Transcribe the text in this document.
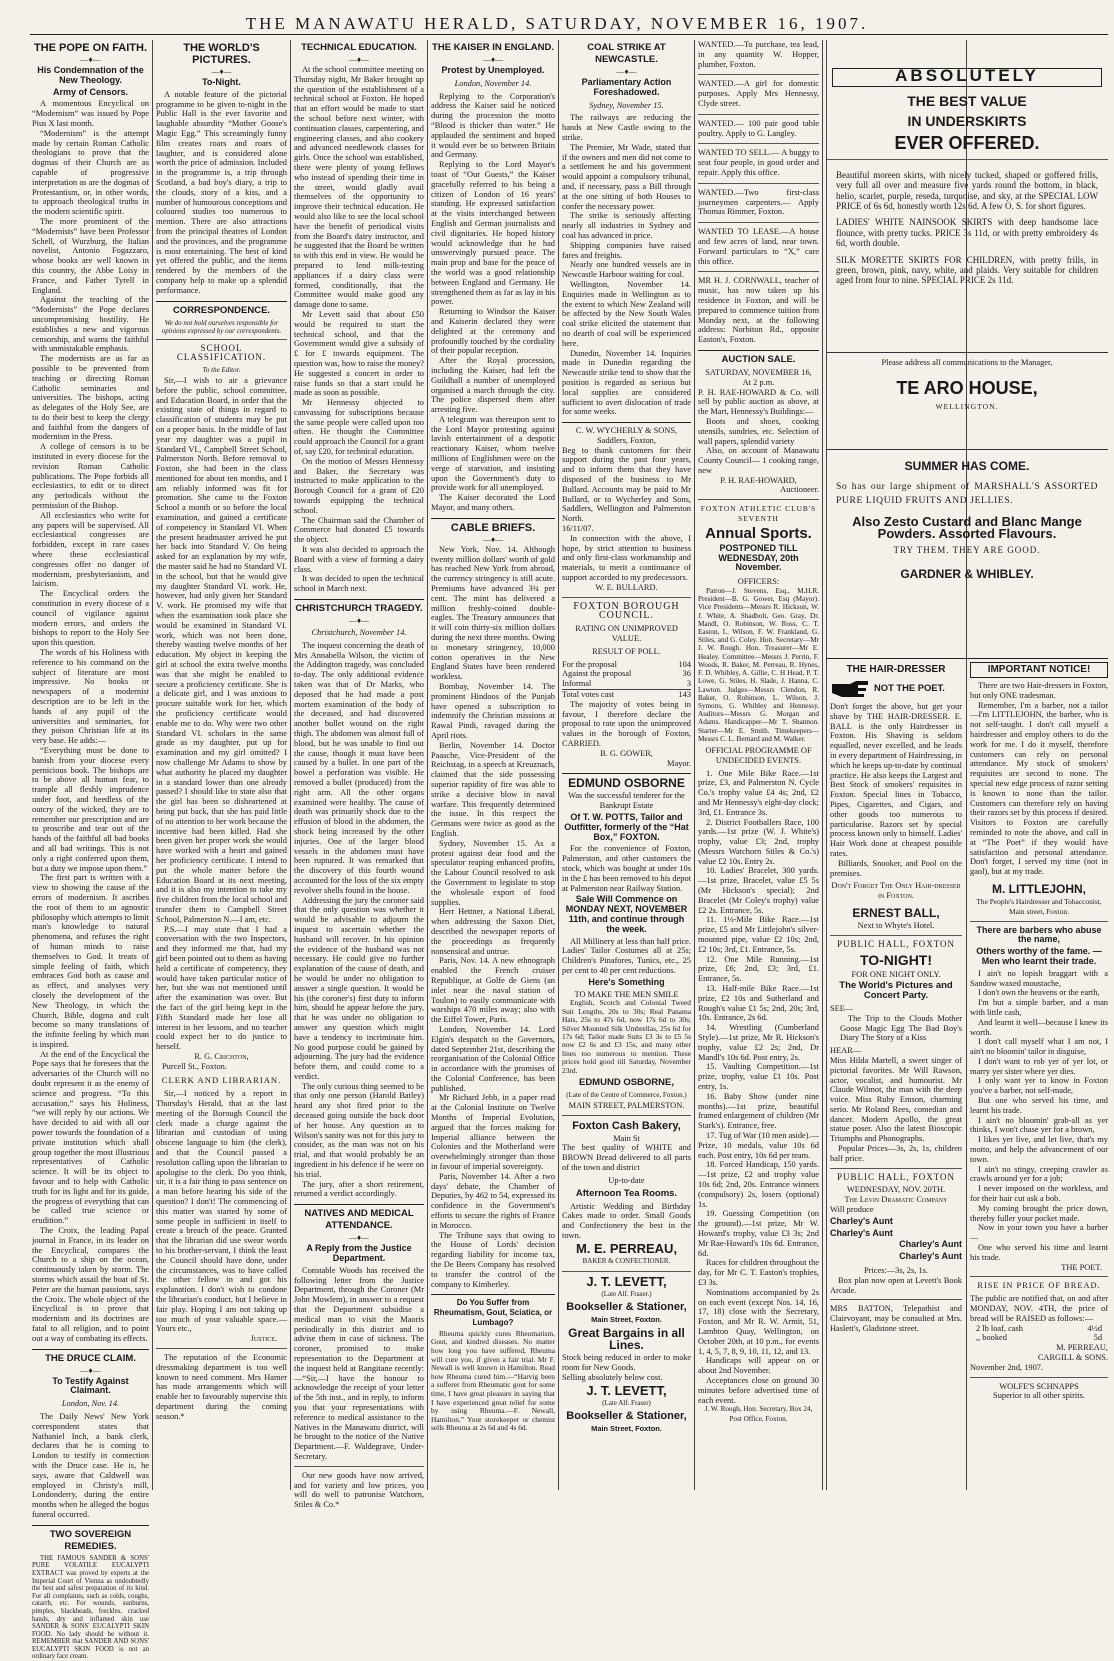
THE MANAWATU HERALD, SATURDAY, NOVEMBER 16, 1907.
THE POPE ON FAITH.
—♦—
His Condemnation of the New Theology.
Army of Censors.

A momentous Encyclical on “Modernism” was issued by Pope Pius X last month.

“Modernism” is the attempt made by certain Roman Catholic theologians to prove that the dogmas of their Church are as capable of progressive interpretation as are the dogmas of Protestantism, or, in other words, to approach theological truths in the modern scientific spirit.

The more prominent of the “Modernists” have been Professor Schell, of Wurzburg, the Italian novelist, Antonio Fogazzaro, whose books are well known in this country, the Abbe Loisy in France, and Father Tyrell in England.

Against the teaching of the “Modernists” the Pope declares uncompromising hostility. He establishes a new and vigorous censorship, and warns the faithful with unmistakable emphasis.

The modernists are as far as possible to be prevented from teaching or directing Roman Catholic seminaries and universities. The bishops, acting as delegates of the Holy See, are to do their best to keep the clergy and faithful from the dangers of modernism in the Press.

A college of censors is to be instituted in every diocese for the revision Roman Catholic publications. The Pope forbids all ecclesiastics, to edit or to direct any periodicals without the permission of the Bishop.

All ecclesiastics who write for any papers will be supervised. All ecclesiastical congresses are forbidden, except in rare cases where these ecclesiastical congresses offer no danger of modernism, presbyterianism, and laicism.

The Encyclical orders the constitution in every diocese of a council of vigilance against modern errors, and orders the bishops to report to the Holy See upon this question.

The words of his Holiness with reference to his command on the subject of literature are most impressive. No books or newspapers of a modernist description are to be left in the hands of any pupil of the universities and seminaries, for they poison Christian life at its very base. He adds:—

“Everything must be done to banish from your diocese every pernicious book. The bishops are to be above all human fear, to trample all fleshly imprudence under foot, and heedless of the outcry of the wicked, they are to remember our prescription and are to proscribe and tear out of the hands of the faithful all bad books and all bad writings. This is not only a right conferred upon them, but a duty we impose upon them.”

The first part is written with a view to showing the cause of the errors of modernism. It ascribes the root of them to an agnostic philosophy which attempts to limit man's knowledge to natural phenomena, and refuses the right of human minds to raise themselves to God. It treats of simple feeling of faith, which embraces God both as cause and as effect, and analyses very closely the development of the New Theology, in which the Church, Bible, dogma and cult become so many translations of the infinite feeling by which man is inspired.

At the end of the Encyclical the Pope says that he foresees that the adversaries of the Church will no doubt represent it as the enemy of science and progress. “To this accusation,” says his Holiness, “we will reply by our actions. We have decided to aid with all our power towards the foundation of a private institution which shall group together the most illustrious representatives of Catholic science. It will be its object to favour and to help with Catholic truth for its light and for its guide, the progress of everything that can be called true science or erudition.”

The Croix, the leading Papal journal in France, in its leader on the Encyclical, compares the Church to a ship on the ocean, continuously taken by storm. The storms which assail the boat of St. Peter are the human passions, says the Croix. The whole object of the Encyclical is to prove that modernism and its doctrines are fatal to all religion, and to point out a way of combating its effects.

THE DRUCE CLAIM.
—♦—
To Testify Against Claimant.
London, Nov. 14.

The Daily News' New York correspondent states that Nathaniel Inch, a bank clerk, declares that he is coming to London to testify in connection with the Druce case. He is, he says, aware that Caldwell was employed in Christy's mill, Londonderry, during the entire months when he alleged the bogus funeral occurred.

TWO SOVEREIGN REMEDIES.

THE FAMOUS SANDER & SONS' PURE VOLATILE EUCALYPTI EXTRACT was proved by experts at the Imperial Court of Vienna as undoubtedly the best and safest preparation of its kind. For all complaints, such as colds, coughs, catarrh, etc. For wounds, sunburns, pimples, blackheads, freckles, cracked hands, dry and inflamed skin use SANDER & SONS' EUCALYPTI SKIN FOOD. No lady should be without it. REMEMBER that SANDER AND SONS' EUCALYPTI SKIN FOOD is not an ordinary face cream.

THE WORLD'S PICTURES.
—♦—
To-Night.

A notable feature of the pictorial programme to be given to-night in the Public Hall is the ever favorite and laughable absurdity “Mother Goose's Magic Egg.” This screamingly funny film creates roars and roars of laughter, and is considered alone worth the price of admission. Included in the programme is, a trip through Scotland, a bad boy's diary, a trip to the clouds, story of a kiss, and a number of humourous conceptions and coloured studies too numerous to mention. There are also attractions from the principal theatres of London and the provinces, and the programme is most entertaining. The best of kind yet offered the public, and the items rendered by the members of the company help to make up a splendid performance.

CORRESPONDENCE.
We do not hold ourselves responsible for opinions expressed by our correspondents.
SCHOOL CLASSIFICATION.
To the Editor.

Sir,—I wish to air a grievance before the public, school committee, and Education Board, in order that the existing state of things in regard to classification of students may be put on a proper basis. In the middle of last year my daughter was a pupil in Standard VI., Campbell Street School, Palmerston North. Before removal to Foxton, she had been in the class mentioned for about ten months, and I am reliably informed was fit for promotion. She came to the Foxton School a month or so before the local examination, and gained a certificate of competency in Standard VI. When the present headmaster arrived he put her back into Standard V. On being asked for an explanation by my wife, the master said he had no Standard VI. in the school, but that he would give my daughter Standard VI. work. He, however, had only given her Standard V. work. He promised my wife that when the examination took place she would be examined in Standard VI. work, which was not been done, thereby wasting twelve months of her education. My object in keeping the girl at school the extra twelve months was that she might be enabled to secure a proficiency certificate. She is a delicate girl, and I was anxious to procure suitable work for her, which the proficiency certificate would enable me to do. Why were two other Standard VI. scholars in the same grade as my daughter, put up for examination and my girl omitted? I now challenge Mr Adams to show by what authority he placed my daughter in a standard lower than one already passed? I should like to state also that the girl has been so disheartened at being put back, that she has paid little of no attention to her work because the incentive had been killed. Had she been given her proper work she would have worked with a heart and gained her proficiency certificate. I intend to put the whole matter before the Education Board at its next meeting, and it is also my intention to take my five children from the local school and transfer them to Campbell Street School, Palmerston N.—I am, etc.

P.S.—I may state that I had a conversation with the two Inspectors, and they informed me that, had my girl been pointed out to them as having held a certificate of competency, they would have taken particular notice of her, but she was not mentioned until after the examination was over. But the fact of the girl being kept in the Fifth Standard made her lose all interest in her lessons, and no teacher could expect her to do justice to herself.

R. G. Crichton,
Purcell St., Foxton.
CLERK AND LIBRARIAN.

Sir,—I noticed by a report in Thursday's Herald, that at the last meeting of the Borough Council the clerk made a charge against the librarian and custodian of using obscene language to him (the clerk), and that the Council passed a resolution calling upon the librarian to apologise to the clerk. Do you think, sir, it is a fair thing to pass sentence on a man before hearing his side of the question? I don't! The commencing of this matter was started by some of some people in sufficient in itself to create a breach of the peace. Granted that the librarian did use swear words to his brother-servant, I think the least the Council should have done, under the circumstances, was to have called the other fellow in and got his explanation. I don't wish to condone the librarian's conduct, but I believe in fair play. Hoping I am not taking up too much of your valuable space.—Yours etc.,

Justice.

The reputation of the Economic dressmaking department is too well known to need comment. Mrs Hamer has made arrangements which will enable her to favourably supervise this department during the coming season.*

TECHNICAL EDUCATION.
—♦—

At the school committee meeting on Thursday night, Mr Baker brought up the question of the establishment of a technical school at Foxton. He hoped that an effort would be made to start the school before next winter, with continuation classes, carpentering, and engineering classes, and also cookery and advanced needlework classes for girls. Once the school was established, there were plenty of young fellows who instead of spending their time in the street, would gladly avail themselves of the opportunity to improve their technical education. He would also like to see the local school have the benefit of periodical visits from the Board's dairy instructor, and he suggested that the Board be written to with this end in view. He would be prepared to lend milk-testing appliances if a dairy class were formed, conditionally, that the Committee would make good any damage done to same.

Mr Levett said that about £50 would be required to start the technical school, and that the Government would give a subsidy of £ for £ towards equipment. The question was, how to raise the money? He suggested a concert in order to raise funds so that a start could be made as soon as possible.

Mr Hennessy objected to canvassing for subscriptions because the same people were called upon too often. He thought the Committee could approach the Council for a grant of, say £20, for technical education.

On the motion of Messrs Hennessy and Baker, the Secretary was instructed to make application to the Borough Council for a grant of £20 towards equipping the technical school.

The Chairman said the Chamber of Commerce had donated £5 towards the object.

It was also decided to approach the Board with a view of forming a dairy class.

It was decided to open the technical school in March next.

CHRISTCHURCH TRAGEDY.
—♦—
Christchurch, November 14.

The inquest concerning the death of Mrs Annabella Wilson, the victim of the Addington tragedy, was concluded to-day. The only additional evidence taken was that of Dr Marks, who deposed that he had made a post mortem examination of the body of the deceased, and had discovered another bullet wound on the right thigh. The abdomen was almost full of blood, but he was unable to find out the cause, though it must have been caused by a bullet. In one part of the bowel a perforation was visible. He removed a bullet (produced) from the right arm. All the other organs examined were healthy. The cause of death was primarily shock due to the effusion of blood in the abdomen, the shock being increased by the other injuries. One of the larger blood vessels in the abdomen must have been ruptured. It was remarked that the discovery of this fourth wound accounted for the loss of the six empty revolver shells found in the house.

Addressing the jury the coroner said that the only question was whether it would be advisable to adjourn the inquest to ascertain whether the husband will recover. In his opinion the evidence of the husband was not necessary. He could give no further explanation of the cause of death, and he would be under no obligation to answer a single question. It would be his (the coroner's) first duty to inform him, should he appear before the jury, that he was under no obligation to answer any question which might have a tendency to incriminate him. No good purpose could be gained by adjourning. The jury had the evidence before them, and could come to a verdict.

The only curious thing seemed to be that only one person (Harold Batley) heard any shot fired prior to the deceased going outside the back door of her house. Any question as to Wilson's sanity was not for this jury to consider, as the man was not on his trial, and that would probably be an ingredient in his defence if he were on his trial.

The jury, after a short retirement, returned a verdict accordingly.

NATIVES AND MEDICAL ATTENDANCE.
—♦—
A Reply from the Justice Department.

Constable Woods has received the following letter from the Justice Department, through the Coroner (Mr John Mowlem), in answer to a request that the Department subsidise a medical man to visit the Maoris periodically in this district and to advise them in case of sickness. The coroner, promised to make representation to the Department at the inquest held at Rangitane recently:—“Sir,—I have the honour to acknowledge the receipt of your letter of the 5th inst., and in reply, to inform you that your representations with reference to medical assistance to the Natives in the Manawatu district, will be brought to the notice of the Native Department.—F. Waldegrave, Under-Secretary.

Our new goods have now arrived, and for variety and low prices, you will do well to patronise Watchorn, Stiles & Co.*

THE KAISER IN ENGLAND.
—♦—
Protest by Unemployed.
London, November 14.

Replying to the Corporation's address the Kaiser said he noticed during the procession the motto “Blood is thicker than water.” He applauded the sentiment and hoped it would ever be so between Britain and Germany.

Replying to the Lord Mayor's toast of “Our Guests,” the Kaiser gracefully referred to his being a citizen of London of 16 years' standing. He expressed satisfaction at the visits interchanged between English and German journalists and civil dignitaries. He hoped history would acknowledge that he had unswervingly pursued peace. The main prop and base for the peace of the world was a good relationship between England and Germany. He strengthened them as far as lay in his power.

Returning to Windsor the Kaiser and Kaiserin declared they were delighted at the ceremony and profoundly touched by the cordiality of their popular reception.

After the Royal procession, including the Kaiser, had left the Guildhall a number of unemployed organised a march through the city. The police dispersed them after arresting five.

A telegram was thereupon sent to the Lord Mayor protesting against lavish entertainment of a despotic reactionary Kaiser, whom twelve millions of Englishmen were on the verge of starvation, and insisting upon the Government's duty to provide work for all unemployed.

The Kaiser decorated the Lord Mayor, and many others.

CABLE BRIEFS.
—♦—

New York, Nov. 14. Although twenty million dollars' worth of gold has reached New York from abroad, the currency stringency is still acute. Premiums have advanced 3¾ per cent. The mint has delivered a million freshly-coined double-eagles. The Treasury announces that it will coin thirty-six million dollars during the next three months. Owing to monetary stringency, 10,000 cotton operatives in the New England States have been rendered workless.

Bombay, November 14. The prominent Hindoos of the Punjab have opened a subscription to indemnify the Christian missions at Rawal Pindi, ravaged during the April riots.

Berlin, November 14. Doctor Paasche, Vice-President of the Reichstag, in a speech at Kreuznach, claimed that the side possessing superior rapidity of fire was able to strike a decisive blow in naval warfare. This frequently determined the issue. In this respect the Germans were twice as good as the English.

Sydney, November 15. As a protest against dear food and the speculator reaping enhanced profits, the Labour Council resolved to ask the Government to legislate to stop the wholesale export of food supplies.

Herr Hettner, a National Liberal, when addressing the Saxon Diet, described the newspaper reports of the proceedings as frequently nonsensical and untrue.

Paris, Nov. 14. A new ethnograph enabled the French cruiser Republique, at Golfe de Giens (an inlet near the naval station of Toulon) to easily communicate with warships 470 miles away; also with the Eiffel Tower, Paris.

London, November 14. Lord Elgin's despatch to the Governors, dated September 21st, describing the reorganisation of the Colonial Office in accordance with the promises of the Colonial Conference, has been published.

Mr Richard Jebb, in a paper read at the Colonial Institute on Twelve Months of Imperial Evolution, argued that the forces making for Imperial alliance between the Colonies and the Motherland were overwhelmingly stronger than those in favour of imperial sovereignty.

Paris, November 14. After a two days' debate, the Chamber of Deputies, by 462 to 54, expressed its confidence in the Government's efforts to secure the rights of France in Morocco.

The Tribune says that owing to the House of Lords' decision regarding liability for income tax, the De Beers Company has resolved to transfer the control of the company to Kimberley.

Do You Suffer from Rheumatism, Gout, Sciatica, or Lumbago?

Rheuma quickly cures Rheumatism, Gout, and kindred diseases. No matter how long you have suffered, Rheuma will cure you, if given a fair trial. Mr F. Newall is well known in Hamilton. Read how Rheuma cured him.—“Harvig been a sufferer from Rheumatic gout for some time, I have great pleasure in saying that I have experienced great relief for some by using Rheuma.—F. Newall, Hamilton.” Your storekeeper or chemist sells Rheuma at 2s 6d and 4s 6d.

COAL STRIKE AT NEWCASTLE.
—♦—
Parliamentary Action Foreshadowed.
Sydney, November 15.

The railways are reducing the hands at New Castle owing to the strike.

The Premier, Mr Wade, stated that if the owners and men did not come to a settlement he and his government would appoint a compulsory tribunal, and, if necessary, pass a Bill through at the one sitting of both Houses to confer the necessary power.

The strike is seriously affecting nearly all industries in Sydney and coal has advanced in price.

Shipping companies have raised fares and freights.

Nearly one hundred vessels are in Newcastle Harbour waiting for coal.

Wellington, November 14. Enquiries made in Wellington as to the extent to which New Zealand will be affected by the New South Wales coal strike elicited the statement that no dearth of coal will be experienced here.

Dunedin, November 14. Inquiries made in Dunedin regarding the Newcastle strike tend to show that the position is regarded as serious but local supplies are considered sufficient to avert dislocation of trade for some weeks.

C. W. WYCHERLY & SONS,
Saddlers, Foxton,

Beg to thank customers for their support during the past four years, and to inform them that they have disposed of the business to Mr Bullard. Accounts may be paid to Mr Bullard, or to Wycherley and Sons, Saddlers, Wellington and Palmerston North.

16/11/07.

In connection with the above, I hope, by strict attention to business and only first-class workmanship and materials, to merit a continuance of support accorded to my predecessors.

W. E. BULLARD.
FOXTON BOROUGH COUNCIL.
RATING ON UNIMPROVED VALUE.
RESULT OF POLL.
For the proposal	104
Against the proposal	36
Informal	3
Total votes cast	143

The majority of votes being in favour, I therefore declare the proposal to rate upon the unimproved values in the borough of Foxton, CARRIED.

B. G. GOWER,
Mayor.
EDMUND OSBORNE
Was the successful tenderer for the Bankrupt Estate
Of T. W. POTTS, Tailor and Outfitter, formerly of the “Hat Box,” FOXTON.

For the convenience of Foxton, Palmerston, and other customers the stock, which was bought at under 10s in the £ has been removed to his depot at Palmerston near Railway Station.

Sale Will Commence on MONDAY NEXT, NOVEMBER 11th, and continue through the week.

All Millinery at less than half price. Ladies' Tailor Costumes all at 25s; Children's Pinafores, Tunics, etc., 25 per cent to 40 per cent reductions.

Here's Something
TO MAKE THE MEN SMILE

English, Scotch and Colonial Tweed Suit Lengths, 20s to 30s; Real Panama Hats, 25s to 47s 6d, now 17s 6d to 30s; Silver Mounted Silk Umbrellas, 25s 6d for 17s 6d; Tailor made Suits £3 3s to £5 5s now £2 6s and £3 15s, and many other lines too numerous to mention. These prices hold good till Saturday, November 23rd.

EDMUND OSBORNE,
(Late of the Centre of Commerce, Foxton.)
MAIN STREET, PALMERSTON.
Foxton Cash Bakery,
Main St

The best quality of WHITE and BROWN Bread delivered to all parts of the town and district

Up-to-date
Afternoon Tea Rooms.

Artistic Wedding and Birthday Cakes made to order. Small Goods and Confectionery the best in the town.

M. E. PERREAU,
BAKER & CONFECTIONER.
J. T. LEVETT,
(Late Alf. Fraser.)
Bookseller & Stationer,
Main Street, Foxton.
Great Bargains in all Lines.

Stock being reduced in order to make room for New Goods.

Selling absolutely below cost.

J. T. LEVETT,
(Late Alf. Fraser)
Bookseller & Stationer,
Main Street, Foxton.

WANTED.—To purchase, tea lead, in any quantity W. Hopper, plumber, Foxton.

WANTED.—A girl for domestic purposes. Apply Mrs Hennessy, Clyde street.

WANTED.— 100 pair good table poultry. Apply to G. Langley.

WANTED TO SELL.— A buggy to seat four people, in good order and repair. Apply this office.

WANTED.—Two first-class journeymen carpenters.— Apply Thomas Rimmer, Foxton.

WANTED TO LEASE.—A house and few acres of land, near town. Forward particulars to “X,” care this office.

MR H. J. CORNWALL, teacher of music, has now taken up his residence in Foxton, and will be prepared to commence tuition from Monday next, at the following address: Norbiton Rd., opposite Easton's, Foxton.

AUCTION SALE.
SATURDAY, NOVEMBER 16,
At 2 p.m.

P. H. RAE-HOWARD & Co. will sell by public auction as above, at the Mart, Hennessy's Buildings:—

Boots and shoes, cooking utensils, sundries, etc. Selection of wall papers, splendid variety

Also, on account of Manawatu County Council— 1 cooking range, new

P. H. RAE-HOWARD,
Auctioneer.
FOXTON ATHLETIC CLUB'S SEVENTH
Annual Sports.
POSTPONED TILL WEDNESDAY, 20th November.
OFFICERS:

Patron—J. Stevens, Esq., M.H.R. President—B. G. Gower, Esq (Mayor). Vice Presidents—Messrs R. Hickson, W. J. White, A. Shadbolt, Geo. Gray, Dr. Mandl, O. Robinson, W. Ross, C. T. Easton, L. Wilson, F. W. Frankland, G. Stiles, and G. Coley. Hon. Secretary—Mr J. W. Rough. Hon. Treasurer—Mr E. Healey. Committee—Messrs J. Perrin, F. Woods, R. Baker, M. Perreau, R. Hynes, F. D. Whibley, A. Gillie, C. H Head, P. T. Lowe, G. Stiles, H. Slade, J. Hanna, C. Lawton. Judges—Messrs Clendon, R. Baker, O. Robinson, L. Wilson, J. Symons, G. Whibley and Hennessy. Auditors—Messrs G. Morgan and Adams. Handicapper—Mr T. Shannon. Starter—Mr E. Smith. Timekeepers—Messrs C. L. Bernard and M. Walker.

OFFICIAL PROGRAMME OF UNDECIDED EVENTS.

1. One Mile Bike Race.—1st prize, £3, and Palmerston N. Cycle Co.'s trophy value £4 4s; 2nd, £2 and Mr Hennessy's eight-day clock; 3rd, £1. Entrance 3s.

2. District Footballers Race, 100 yards.—1st prize (W. J. White's) trophy, value £3; 2nd, trophy (Messrs Watchorn Stiles & Co.'s) value £2 10s. Entry 2s.

10. Ladies' Bracelet, 300 yards.—1st prize, Bracelet, value £5 5s (Mr Hickson's special); 2nd Bracelet (Mr Coley's trophy) value £2 2s. Entrance, 5s.

11. 1½-Mile Bike Race.—1st prize, £5 and Mr Littlejohn's silver-mounted pipe, value £2 10s; 2nd, £2 10s; 3rd, £1. Entrance, 5s.

12. One Mile Running.—1st prize, £6; 2nd, £3; 3rd, £1. Entrance, 5s.

13. Half-mile Bike Race.—1st prize, £2 10s and Sutherland and Rough's value £1 5s; 2nd, 20s; 3rd, 10s. Entrance, 2s 6d.

14. Wrestling (Cumberland Style).—1st prize, Mr R. Hickson's trophy, value £2 2s; 2nd, Dr Mandl's 10s 6d. Post entry, 2s.

15. Vaulting Competition.—1st prize, trophy, value £1 10s. Post entry, 1s.

16. Baby Show (under nine months).—1st prize, beautiful framed enlargement of children (Mr Stark's). Entrance, free.

17. Tug of War (10 men aside).—Prize, 10 medals, value 10s 6d each. Post entry, 10s 6d per team.

18. Forced Handicap, 150 yards.—1st prize, £2 and trophy value 10s 6d; 2nd, 20s. Entrance winners (compulsory) 2s, losers (optional) 1s.

19. Guessing Competition (on the ground).—1st prize, Mr W. Howard's trophy, value £3 3s; 2nd Mr Rae-Howard's 10s 6d. Entrance, 6d.

Races for children throughout the day, for Mr C. T. Easton's trophies, £3 3s.

Nominations accompanied by 2s on each event (except Nos. 14, 16, 17, 18) close with the Secretary, Foxton, and Mr R. W. Armit, 51, Lambton Quay, Wellington, on October 20th, at 10 p.m., for events 1, 4, 5, 7, 8, 9, 10, 11, 12, and 13.

Handicaps will appear on or about 2nd November.

Acceptances close on ground 30 minutes before advertised time of each event.

J. W. Rough, Hon. Secretary, Box 24, Post Office, Foxton.
ABSOLUTELY
THE BEST VALUE
IN UNDERSKIRTS
EVER OFFERED.

Beautiful moreen skirts, with nicely tucked, shaped or goffered frills, very full all over and measure five yards round the bottom, in black, helio, scarlet, purple, reseda, turquoise, and sky, at the SPECIAL LOW PRICE of 6s 6d, honestly worth 12s 6d. A few O. S. for short figures.

LADIES' WHITE NAINSOOK SKIRTS with deep handsome lace flounce, with pretty tucks. PRICE 3s 11d, or with pretty embroidery 4s 6d, worth double.

SILK MORETTE SKIRTS FOR CHILDREN, with pretty frills, in green, brown, pink, navy, white, and plaids. Very suitable for children aged from four to nine. SPECIAL PRICE 2s 11d.

Please address all communications to the Manager,
TE ARO HOUSE,
WELLINGTON.
SUMMER HAS COME.

So has our large shipment of MARSHALL'S ASSORTED PURE LIQUID FRUITS AND JELLIES.

Also Zesto Custard and Blanc Mange Powders. Assorted Flavours.
TRY THEM. THEY ARE GOOD.
GARDNER & WHIBLEY.
THE HAIR-DRESSER
NOT THE POET.

Don't forget the above, but get your shave by THE HAIR-DRESSER. E. BALL is the only Hairdresser in Foxton. His Shaving is seldom equalled, never excelled, and he leads in every department of Hairdressing, in which he keeps up-to-date by continual practice. He also keeps the Largest and Best Stock of smokers' requisites in Foxton. Special lines in Tobacco, Pipes, Cigarettes, and Cigars, and other goods too numerous to particularise. Razors set by special process known only to himself. Ladies' Hair Work done at cheapest possible rates.

Billiards, Snooker, and Pool on the premises.

Don't Forget The Only Hair-dresser in Foxton.
ERNEST BALL,
Next to Whyte's Hotel.
PUBLIC HALL, FOXTON
TO-NIGHT!
FOR ONE NIGHT ONLY.
The World's Pictures and Concert Party.
SEE—

The Trip to the Clouds Mother Goose Magic Egg The Bad Boy's Diary The Story of a Kiss

HEAR—

Miss Hilda Martell, a sweet singer of pictorial favorites. Mr Will Rawson, actor, vocalist, and humourist. Mr Claude Wilmot, the man with the deep voice. Miss Ruby Emson, charming serio. Mr Roland Rees, comedian and dancer. Modern Apollo, the great statue poser. Also the latest Bioscopic Triumphs and Phonographs.

Popular Prices—3s, 2s, 1s, children half price.

PUBLIC HALL, FOXTON
WEDNESDAY, NOV. 20TH.
The Levin Dramatic Company
Will produce
Charley's Aunt
Charley's Aunt
Charley's Aunt
Charley's Aunt
Prices:—3s, 2s, 1s.

Box plan now open at Levett's Book Arcade.

MRS BATTON, Telepathist and Clairvoyant, may be consulted at Mrs. Haslett's, Gladstone street.

IMPORTANT NOTICE!

There are two Hair-dressers in Foxton, but only ONE tradesman.

Remember, I'm a barber, not a tailor —I'm LITTLEJOHN, the barber, who is not self-taught. I don't call myself a hairdresser and employ others to do the work for me. I do it myself, therefore customers can rely on personal attendance. My stock of smokers' requisites are second to none. The special new edge process of razor setting is known to none than the tailor. Customers can therefore rely on having their razors set by this process if desired. Visitors to Foxton are carefully reminded to note the above, and call in at “The Poet” if they would have satisfaction and personal attendance. Don't forget, I served my time (not in gaol), but at my trade.

M. LITTLEJOHN,
The People's Hairdresser and Tobacconist, Main street, Foxton.
There are barbers who abuse the name,
Others worthy of the fame. —Men who learnt their trade.

I ain't no lopish braggart with a Sandow waxed moustache,

I don't own the heavens or the earth,

I'm but a simple barber, and a man with little cash,

And learnt it well—because I knew its worth.

I don't call myself what I am not, I ain't no bloomin' tailor in disguise,

I don't want to rob yer of yer lot, or marry yer sister where yer dies.

I only want yer to know in Foxton you've a barber, not self-made,

But one who served his time, and learnt his trade.

I ain't no bloomin' grab-all as yer thinks, I won't chase yer for a brown,

I likes yer live, and let live, that's my motto, and help the advancement of our town.

I ain't no stingy, creeping crawler as crawls around yer for a job;

I never imposed on the workless, and for their hair cut ask a bob.

My coming brought the price down, thereby fuller your pocket made.

Now in your town you have a barber—

One who served his time and learnt his trade.

THE POET.
RISE IN PRICE OF BREAD.

The public are notified that, on and after MONDAY, NOV. 4TH, the price of bread will be RAISED as follows:—

2 lb loaf, cash	4½d
,, booked	5d
M. PERREAU,
CARGILL & SONS.
November 2nd, 1907.
WOLFE'S SCHNAPPS
Superior to all other spirits.
